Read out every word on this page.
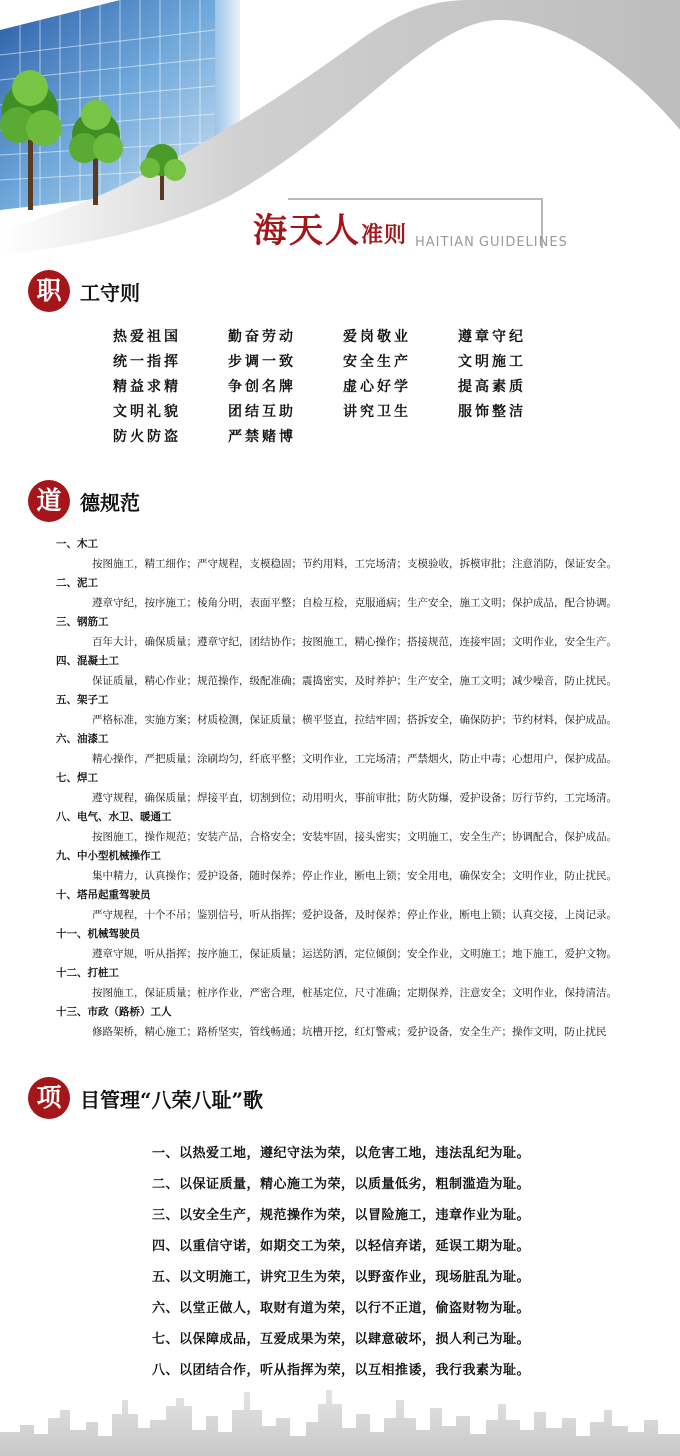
海天人准则 HAITIAN GUIDELINES
职 工守则
热爱祖国	勤奋劳动	爱岗敬业	遵章守纪
统一指挥	步调一致	安全生产	文明施工
精益求精	争创名牌	虚心好学	提高素质
文明礼貌	团结互助	讲究卫生	服饰整洁
防火防盗	严禁赌博
道 德规范
一、木工
按图施工，精工细作；严守规程，支模稳固；节约用料，工完场清；支模验收，拆模审批；注意消防，保证安全。
二、泥工
遵章守纪，按序施工；棱角分明，表面平整；自检互检，克服通病；生产安全，施工文明；保护成品，配合协调。
三、钢筋工
百年大计，确保质量；遵章守纪，团结协作；按图施工，精心操作；搭接规范，连接牢固；文明作业，安全生产。
四、混凝土工
保证质量，精心作业；规范操作，级配准确；震捣密实，及时养护；生产安全，施工文明；减少噪音，防止扰民。
五、架子工
严格标准，实施方案；材质检测，保证质量；横平竖直，拉结牢固；搭拆安全，确保防护；节约材料，保护成品。
六、油漆工
精心操作，严把质量；涂刷均匀，纤底平整；文明作业，工完场清；严禁烟火，防止中毒；心想用户，保护成品。
七、焊工
遵守规程，确保质量；焊接平直，切割到位；动用明火，事前审批；防火防爆，爱护设备；厉行节约，工完场清。
八、电气、水卫、暖通工
按图施工，操作规范；安装产品，合格安全；安装牢固，接头密实；文明施工，安全生产；协调配合，保护成品。
九、中小型机械操作工
集中精力，认真操作；爱护设备，随时保养；停止作业，断电上锁；安全用电，确保安全；文明作业，防止扰民。
十、塔吊起重驾驶员
严守规程，十个不吊；鉴别信号，听从指挥；爱护设备，及时保养；停止作业，断电上锁；认真交接，上岗记录。
十一、机械驾驶员
遵章守规，听从指挥；按序施工，保证质量；运送防洒，定位倾倒；安全作业，文明施工；地下施工，爱护文物。
十二、打桩工
按图施工，保证质量；桩序作业，严密合理，桩基定位，尺寸准确；定期保养，注意安全；文明作业，保持清洁。
十三、市政（路桥）工人
修路架桥，精心施工；路桥坚实，管线畅通；坑槽开挖，红灯警戒；爱护设备，安全生产；操作文明，防止扰民
项 目管理“八荣八耻”歌
一、以热爱工地，遵纪守法为荣，以危害工地，违法乱纪为耻。
二、以保证质量，精心施工为荣，以质量低劣，粗制滥造为耻。
三、以安全生产，规范操作为荣，以冒险施工，违章作业为耻。
四、以重信守诺，如期交工为荣，以轻信弃诺，延误工期为耻。
五、以文明施工，讲究卫生为荣，以野蛮作业，现场脏乱为耻。
六、以堂正做人，取财有道为荣，以行不正道，偷盗财物为耻。
七、以保障成品，互爱成果为荣，以肆意破坏，损人利己为耻。
八、以团结合作，听从指挥为荣，以互相推诿，我行我素为耻。
